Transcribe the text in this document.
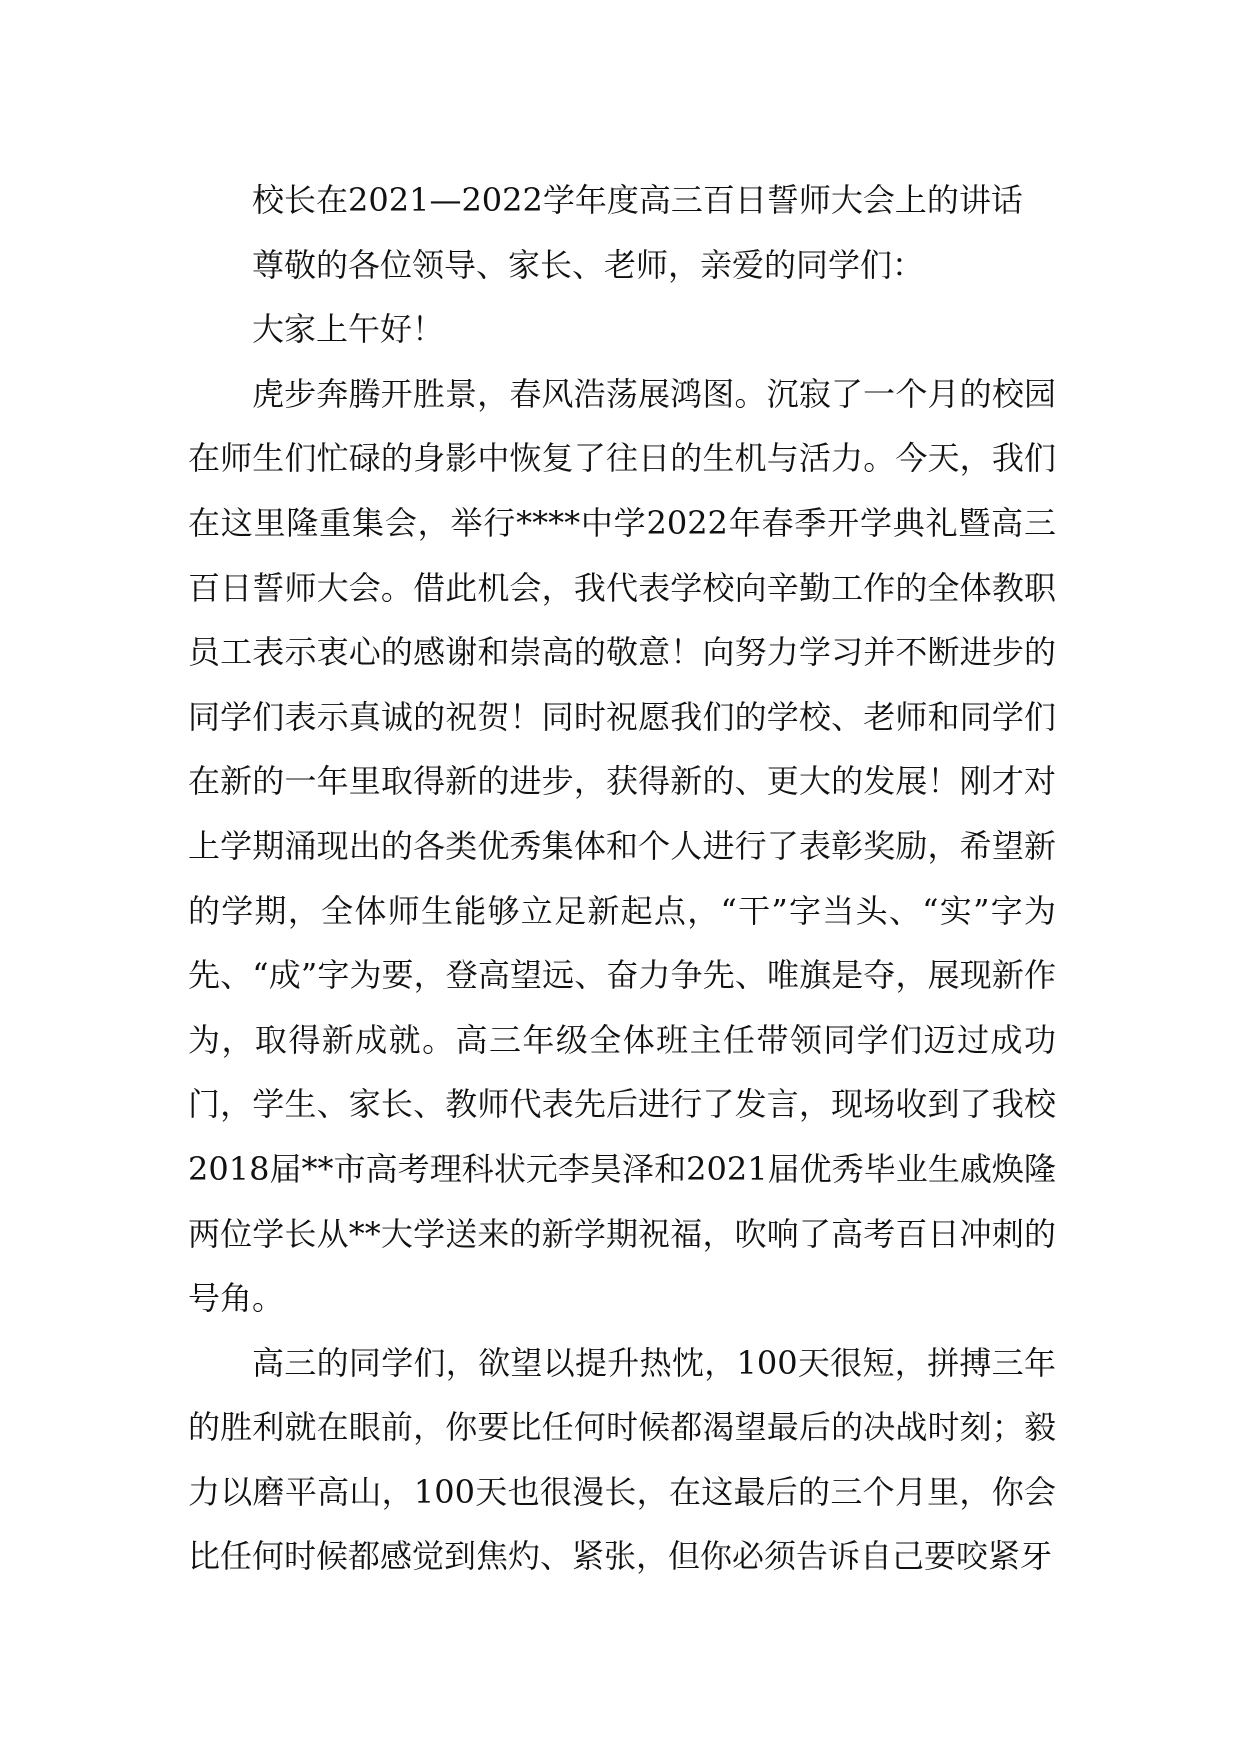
校长在2021—2022学年度高三百日誓师大会上的讲话

尊敬的各位领导、家长、老师，亲爱的同学们：

大家上午好！

虎步奔腾开胜景，春风浩荡展鸿图。沉寂了一个月的校园在师生们忙碌的身影中恢复了往日的生机与活力。今天，我们在这里隆重集会，举行****中学2022年春季开学典礼暨高三百日誓师大会。借此机会，我代表学校向辛勤工作的全体教职员工表示衷心的感谢和崇高的敬意！向努力学习并不断进步的同学们表示真诚的祝贺！同时祝愿我们的学校、老师和同学们在新的一年里取得新的进步，获得新的、更大的发展！刚才对上学期涌现出的各类优秀集体和个人进行了表彰奖励，希望新的学期，全体师生能够立足新起点，“干”字当头、“实”字为先、“成”字为要，登高望远、奋力争先、唯旗是夺，展现新作为，取得新成就。高三年级全体班主任带领同学们迈过成功门，学生、家长、教师代表先后进行了发言，现场收到了我校2018届**市高考理科状元李昊泽和2021届优秀毕业生戚焕隆两位学长从**大学送来的新学期祝福，吹响了高考百日冲刺的号角。

高三的同学们，欲望以提升热忱，100天很短，拼搏三年的胜利就在眼前，你要比任何时候都渴望最后的决战时刻；毅力以磨平高山，100天也很漫长，在这最后的三个月里，你会比任何时候都感觉到焦灼、紧张，但你必须告诉自己要咬紧牙
